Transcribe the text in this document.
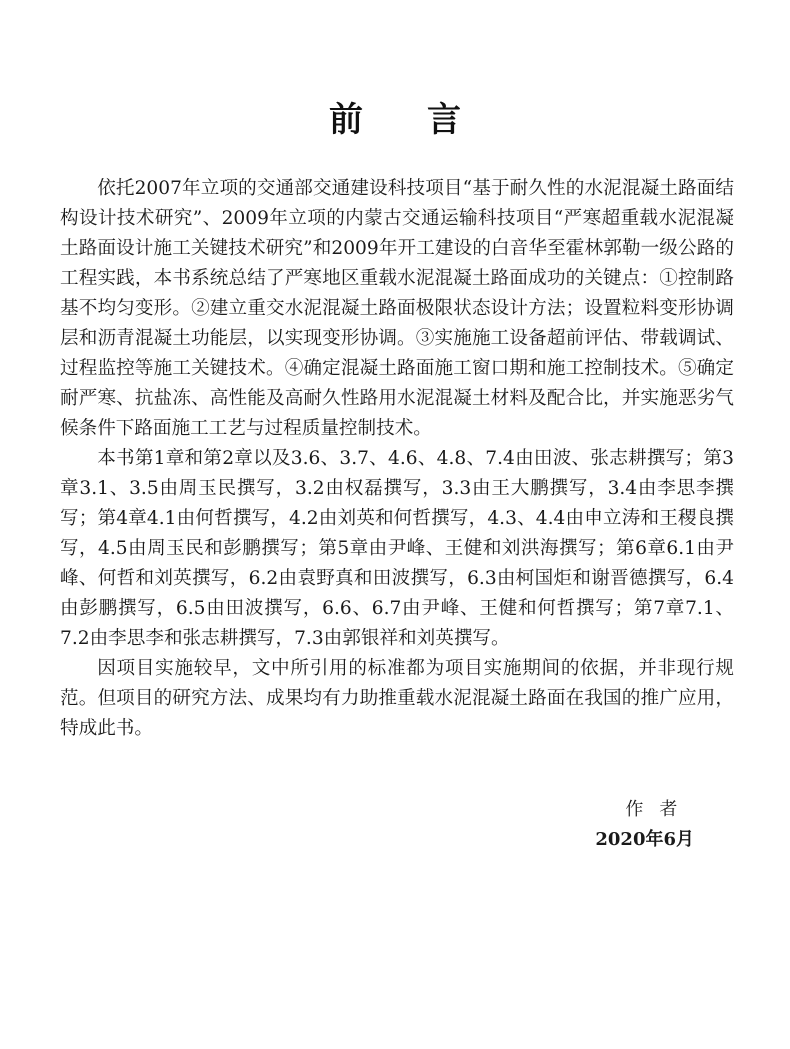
前言

依托2007年立项的交通部交通建设科技项目“基于耐久性的水泥混凝土路面结构设计技术研究”、2009年立项的内蒙古交通运输科技项目“严寒超重载水泥混凝土路面设计施工关键技术研究”和2009年开工建设的白音华至霍林郭勒一级公路的工程实践，本书系统总结了严寒地区重载水泥混凝土路面成功的关键点：①控制路基不均匀变形。②建立重交水泥混凝土路面极限状态设计方法；设置粒料变形协调层和沥青混凝土功能层，以实现变形协调。③实施施工设备超前评估、带载调试、过程监控等施工关键技术。④确定混凝土路面施工窗口期和施工控制技术。⑤确定耐严寒、抗盐冻、高性能及高耐久性路用水泥混凝土材料及配合比，并实施恶劣气候条件下路面施工工艺与过程质量控制技术。

本书第1章和第2章以及3.6、3.7、4.6、4.8、7.4由田波、张志耕撰写；第3章3.1、3.5由周玉民撰写，3.2由权磊撰写，3.3由王大鹏撰写，3.4由李思李撰写；第4章4.1由何哲撰写，4.2由刘英和何哲撰写，4.3、4.4由申立涛和王稷良撰写，4.5由周玉民和彭鹏撰写；第5章由尹峰、王健和刘洪海撰写；第6章6.1由尹峰、何哲和刘英撰写，6.2由袁野真和田波撰写，6.3由柯国炬和谢晋德撰写，6.4由彭鹏撰写，6.5由田波撰写，6.6、6.7由尹峰、王健和何哲撰写；第7章7.1、7.2由李思李和张志耕撰写，7.3由郭银祥和刘英撰写。

因项目实施较早，文中所引用的标准都为项目实施期间的依据，并非现行规范。但项目的研究方法、成果均有力助推重载水泥混凝土路面在我国的推广应用，特成此书。

作者
2020年6月
